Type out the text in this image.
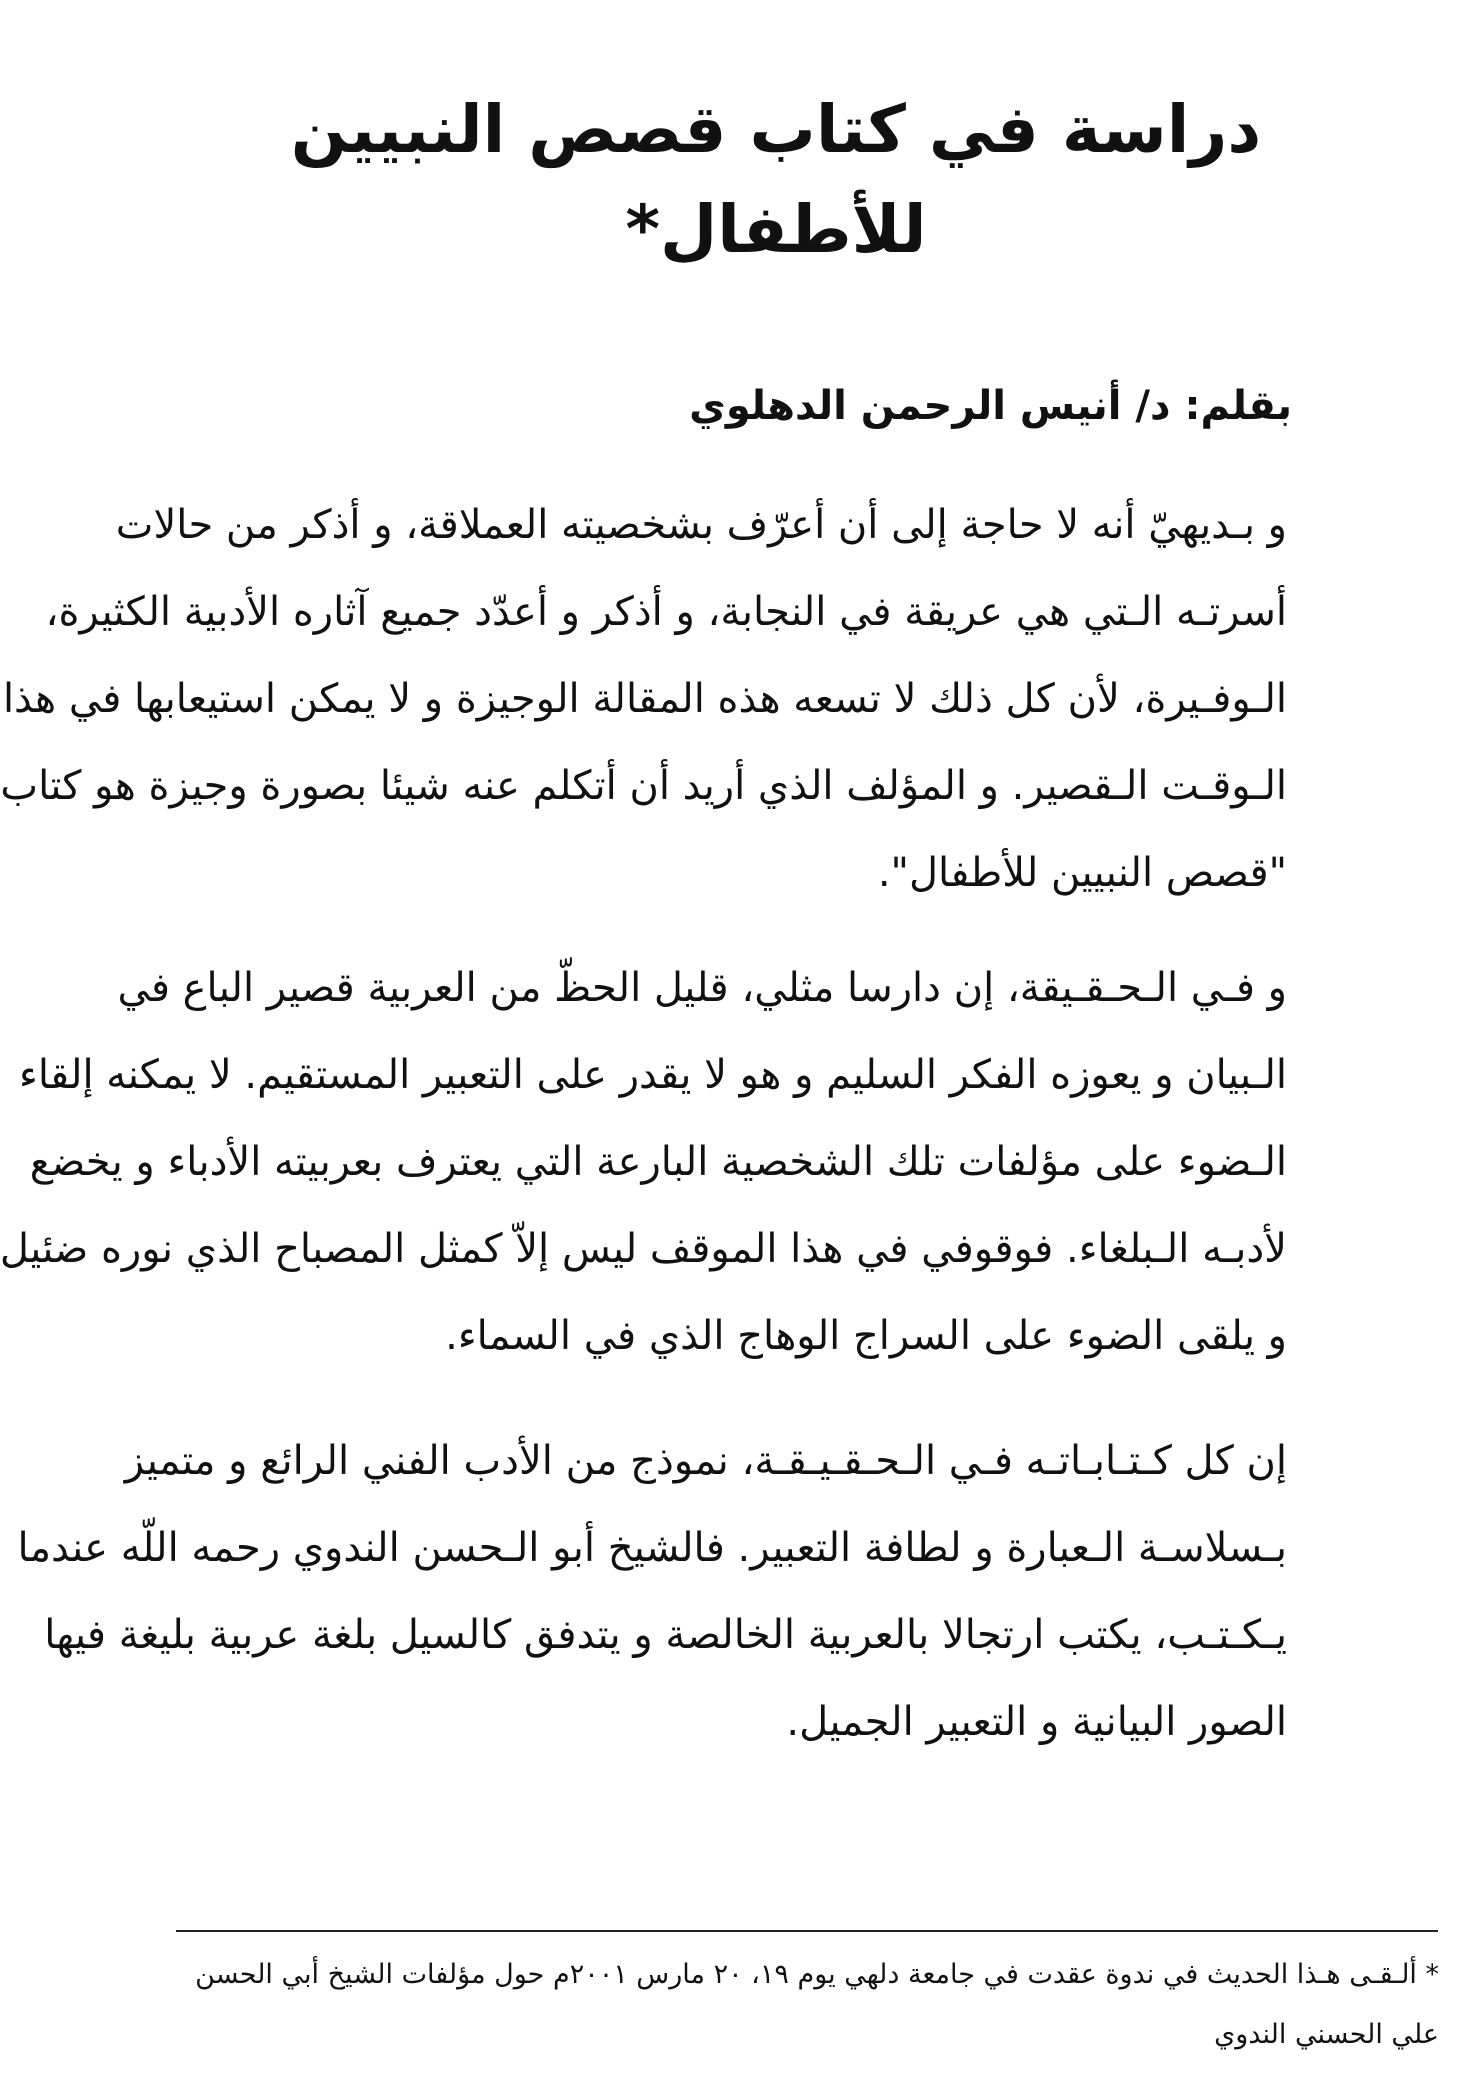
دراسة في كتاب قصص النبيين للأطفال*
بقلم: د/ أنيس الرحمن الدهلوي
و بـديهيّ أنه لا حاجة إلى أن أعرّف بشخصيته العملاقة، و أذكر من حالات
أسرتـه الـتي هي عريقة في النجابة، و أذكر و أعدّد جميع آثاره الأدبية الكثيرة،
الـوفـيرة، لأن كل ذلك لا تسعه هذه المقالة الوجيزة و لا يمكن استيعابها في هذا
الـوقـت الـقصير. و المؤلف الذي أريد أن أتكلم عنه شيئا بصورة وجيزة هو كتاب
"قصص النبيين للأطفال".
و فـي الـحـقـيقة، إن دارسا مثلي، قليل الحظّ من العربية قصير الباع في
الـبيان و يعوزه الفكر السليم و هو لا يقدر على التعبير المستقيم. لا يمكنه إلقاء
الـضوء على مؤلفات تلك الشخصية البارعة التي يعترف بعربيته الأدباء و يخضع
لأدبـه الـبلغاء. فوقوفي في هذا الموقف ليس إلاّ كمثل المصباح الذي نوره ضئيل
و يلقى الضوء على السراج الوهاج الذي في السماء.
إن كل كـتـابـاتـه فـي الـحـقـيـقـة، نموذج من الأدب الفني الرائع و متميز
بـسلاسـة الـعبارة و لطافة التعبير. فالشيخ أبو الـحسن الندوي رحمه اللّه عندما
يـكـتـب، يكتب ارتجالا بالعربية الخالصة و يتدفق كالسيل بلغة عربية بليغة فيها
الصور البيانية و التعبير الجميل.
* ألـقـى هـذا الحديث في ندوة عقدت في جامعة دلهي يوم ١٩، ٢٠ مارس ٢٠٠١م حول مؤلفات الشيخ أبي الحسن
علي الحسني الندوي
